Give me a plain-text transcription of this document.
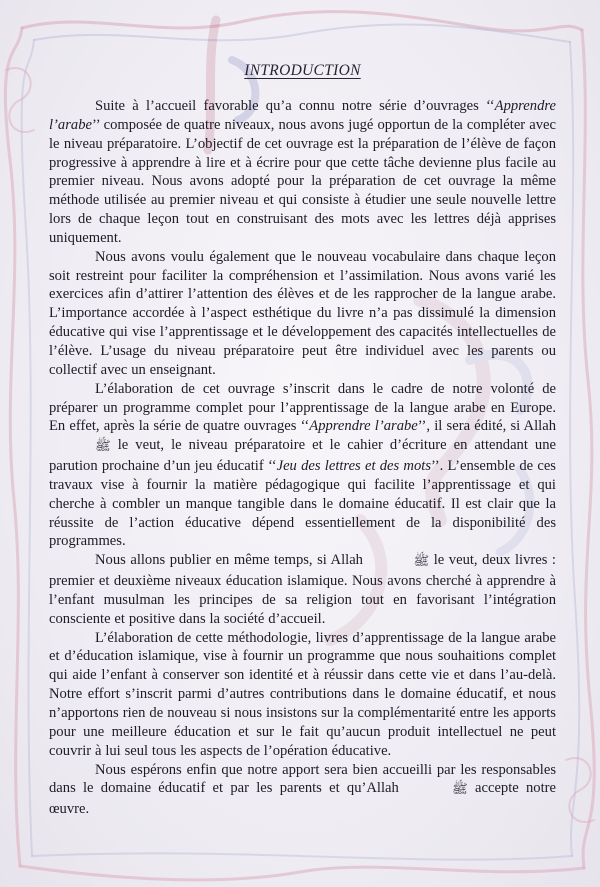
INTRODUCTION

Suite à l’accueil favorable qu’a connu notre série d’ouvrages ‘‘Apprendre l’arabe’’ composée de quatre niveaux, nous avons jugé opportun de la compléter avec le niveau préparatoire. L’objectif de cet ouvrage est la préparation de l’élève de façon progressive à apprendre à lire et à écrire pour que cette tâche devienne plus facile au premier niveau. Nous avons adopté pour la préparation de cet ouvrage la même méthode utilisée au premier niveau et qui consiste à étudier une seule nouvelle lettre lors de chaque leçon tout en construisant des mots avec les lettres déjà apprises uniquement.

Nous avons voulu également que le nouveau vocabulaire dans chaque leçon soit restreint pour faciliter la compréhension et l’assimilation. Nous avons varié les exercices afin d’attirer l’attention des élèves et de les rapprocher de la langue arabe. L’importance accordée à l’aspect esthétique du livre n’a pas dissimulé la dimension éducative qui vise l’apprentissage et le développement des capacités intellectuelles de l’élève. L’usage du niveau préparatoire peut être individuel avec les parents ou collectif avec un enseignant.

L’élaboration de cet ouvrage s’inscrit dans le cadre de notre volonté de préparer un programme complet pour l’apprentissage de la langue arabe en Europe. En effet, après la série de quatre ouvrages ‘‘Apprendre l’arabe’’, il sera édité, si Allah ﷺ le veut, le niveau préparatoire et le cahier d’écriture en attendant une parution prochaine d’un jeu éducatif ‘‘Jeu des lettres et des mots’’. L’ensemble de ces travaux vise à fournir la matière pédagogique qui facilite l’apprentissage et qui cherche à combler un manque tangible dans le domaine éducatif. Il est clair que la réussite de l’action éducative dépend essentiellement de la disponibilité des programmes.

Nous allons publier en même temps, si Allah	ﷺ le veut, deux livres : premier et deuxième niveaux éducation islamique. Nous avons cherché à apprendre à l’enfant musulman les principes de sa religion tout en favorisant l’intégration consciente et positive dans la société d’accueil.

L’élaboration de cette méthodologie, livres d’apprentissage de la langue arabe et d’éducation islamique, vise à fournir un programme que nous souhaitions complet qui aide l’enfant à conserver son identité et à réussir dans cette vie et dans l’au-delà. Notre effort s’inscrit parmi d’autres contributions dans le domaine éducatif, et nous n’apportons rien de nouveau si nous insistons sur la complémentarité entre les apports pour une meilleure éducation et sur le fait qu’aucun produit intellectuel ne peut couvrir à lui seul tous les aspects de l’opération éducative.

Nous espérons enfin que notre apport sera bien accueilli par les responsables dans le domaine éducatif et par les parents et qu’Allah	ﷺ accepte notre œuvre.
